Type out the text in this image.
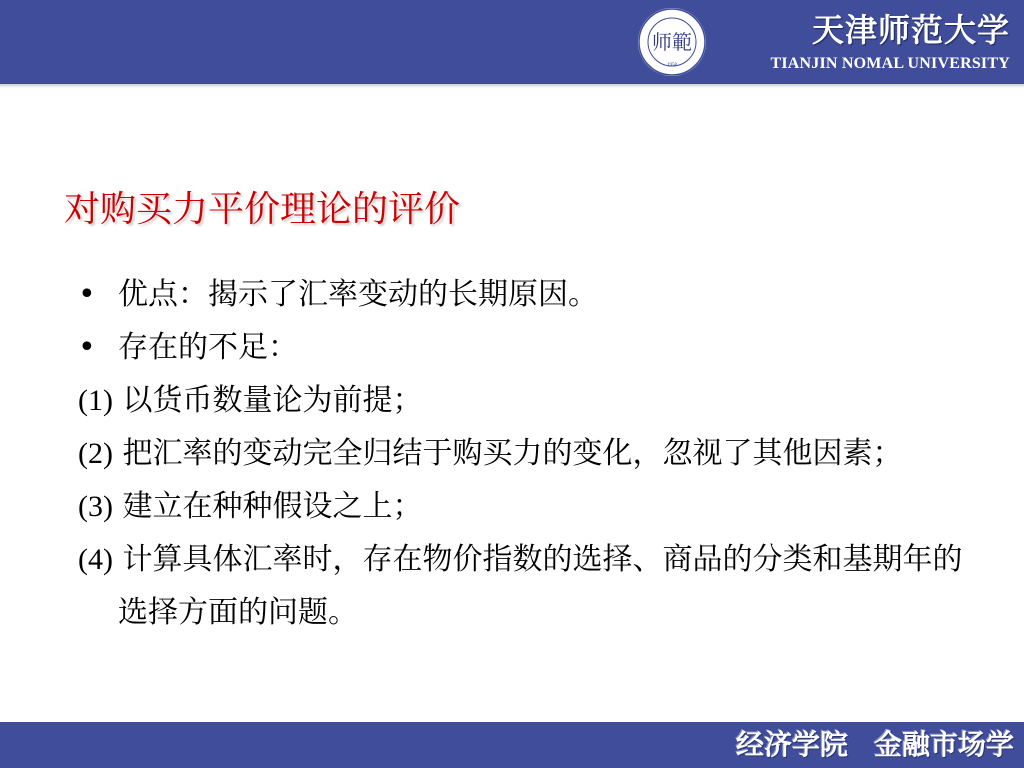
师範
1958
天津师范大学
TIANJIN NOMAL UNIVERSITY
对购买力平价理论的评价
• 优点：揭示了汇率变动的长期原因。
• 存在的不足：
(1) 以货币数量论为前提；
(2) 把汇率的变动完全归结于购买力的变化，忽视了其他因素；
(3) 建立在种种假设之上；
(4) 计算具体汇率时，存在物价指数的选择、商品的分类和基期年的选择方面的问题。
经济学院 金融市场学
